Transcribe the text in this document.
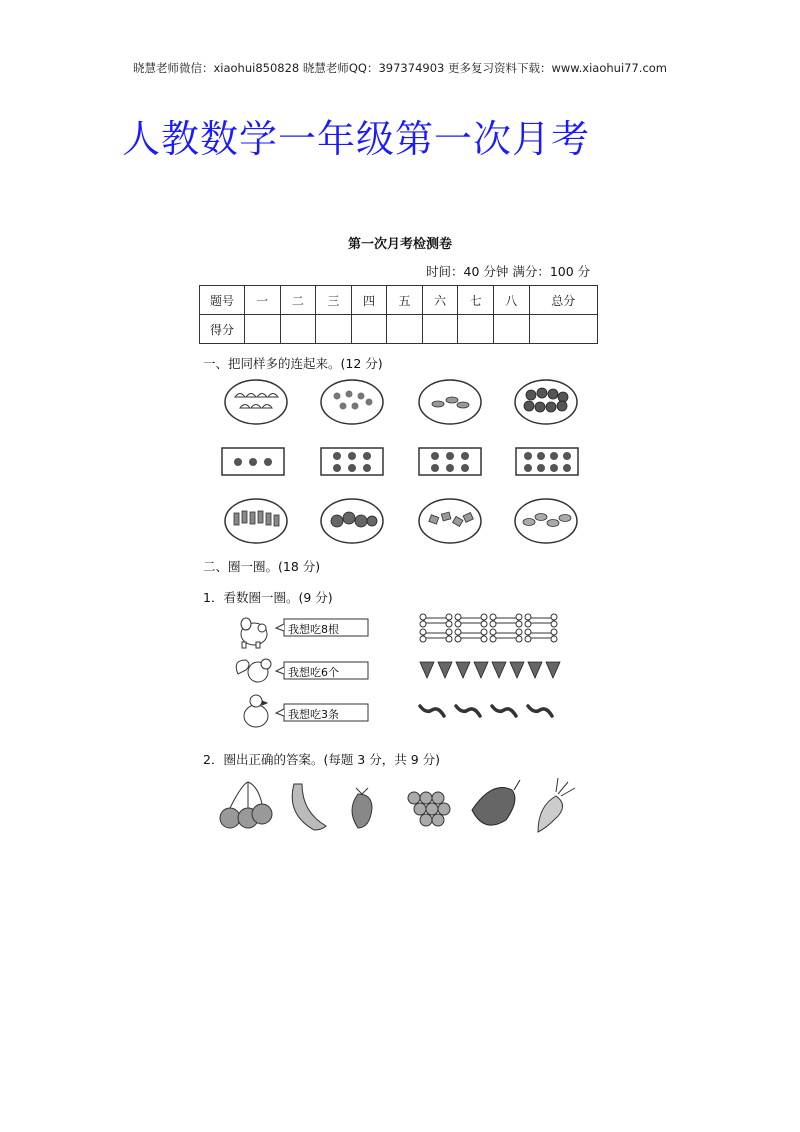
晓慧老师微信：xiaohui850828 晓慧老师QQ：397374903 更多复习资料下载：www.xiaohui77.com
人教数学一年级第一次月考
第一次月考检测卷
时间：40 分钟 满分：100 分
题号	一	二	三	四	五	六	七	八	总分
得分									
一、把同样多的连起来。(12 分)
二、圈一圈。(18 分)
1．看数圈一圈。(9 分)
我想吃8根
我想吃6个
我想吃3条
2．圈出正确的答案。(每题 3 分，共 9 分)
